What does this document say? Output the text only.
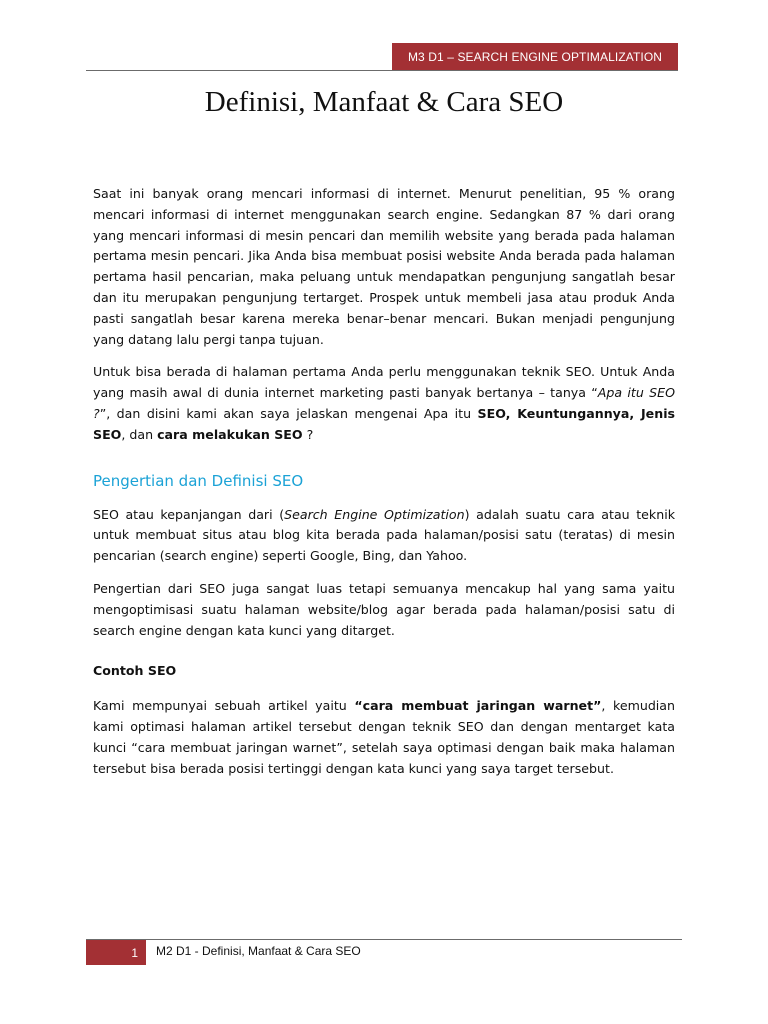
M3 D1 – SEARCH ENGINE OPTIMALIZATION
Definisi, Manfaat & Cara SEO

Saat ini banyak orang mencari informasi di internet. Menurut penelitian, 95 % orang mencari informasi di internet menggunakan search engine. Sedangkan 87 % dari orang yang mencari informasi di mesin pencari dan memilih website yang berada pada halaman pertama mesin pencari. Jika Anda bisa membuat posisi website Anda berada pada halaman pertama hasil pencarian, maka peluang untuk mendapatkan pengunjung sangatlah besar dan itu merupakan pengunjung tertarget. Prospek untuk membeli jasa atau produk Anda pasti sangatlah besar karena mereka benar–benar mencari. Bukan menjadi pengunjung yang datang lalu pergi tanpa tujuan.

Untuk bisa berada di halaman pertama Anda perlu menggunakan teknik SEO. Untuk Anda yang masih awal di dunia internet marketing pasti banyak bertanya – tanya “Apa itu SEO ?”, dan disini kami akan saya jelaskan mengenai Apa itu SEO, Keuntungannya, Jenis SEO, dan cara melakukan SEO ?

Pengertian dan Definisi SEO

SEO atau kepanjangan dari (Search Engine Optimization) adalah suatu cara atau teknik untuk membuat situs atau blog kita berada pada halaman/posisi satu (teratas) di mesin pencarian (search engine) seperti Google, Bing, dan Yahoo.

Pengertian dari SEO juga sangat luas tetapi semuanya mencakup hal yang sama yaitu mengoptimisasi suatu halaman website/blog agar berada pada halaman/posisi satu di search engine dengan kata kunci yang ditarget.

Contoh SEO

Kami mempunyai sebuah artikel yaitu “cara membuat jaringan warnet”, kemudian kami optimasi halaman artikel tersebut dengan teknik SEO dan dengan mentarget kata kunci “cara membuat jaringan warnet”, setelah saya optimasi dengan baik maka halaman tersebut bisa berada posisi tertinggi dengan kata kunci yang saya target tersebut.

1	M2 D1 - Definisi, Manfaat & Cara SEO
